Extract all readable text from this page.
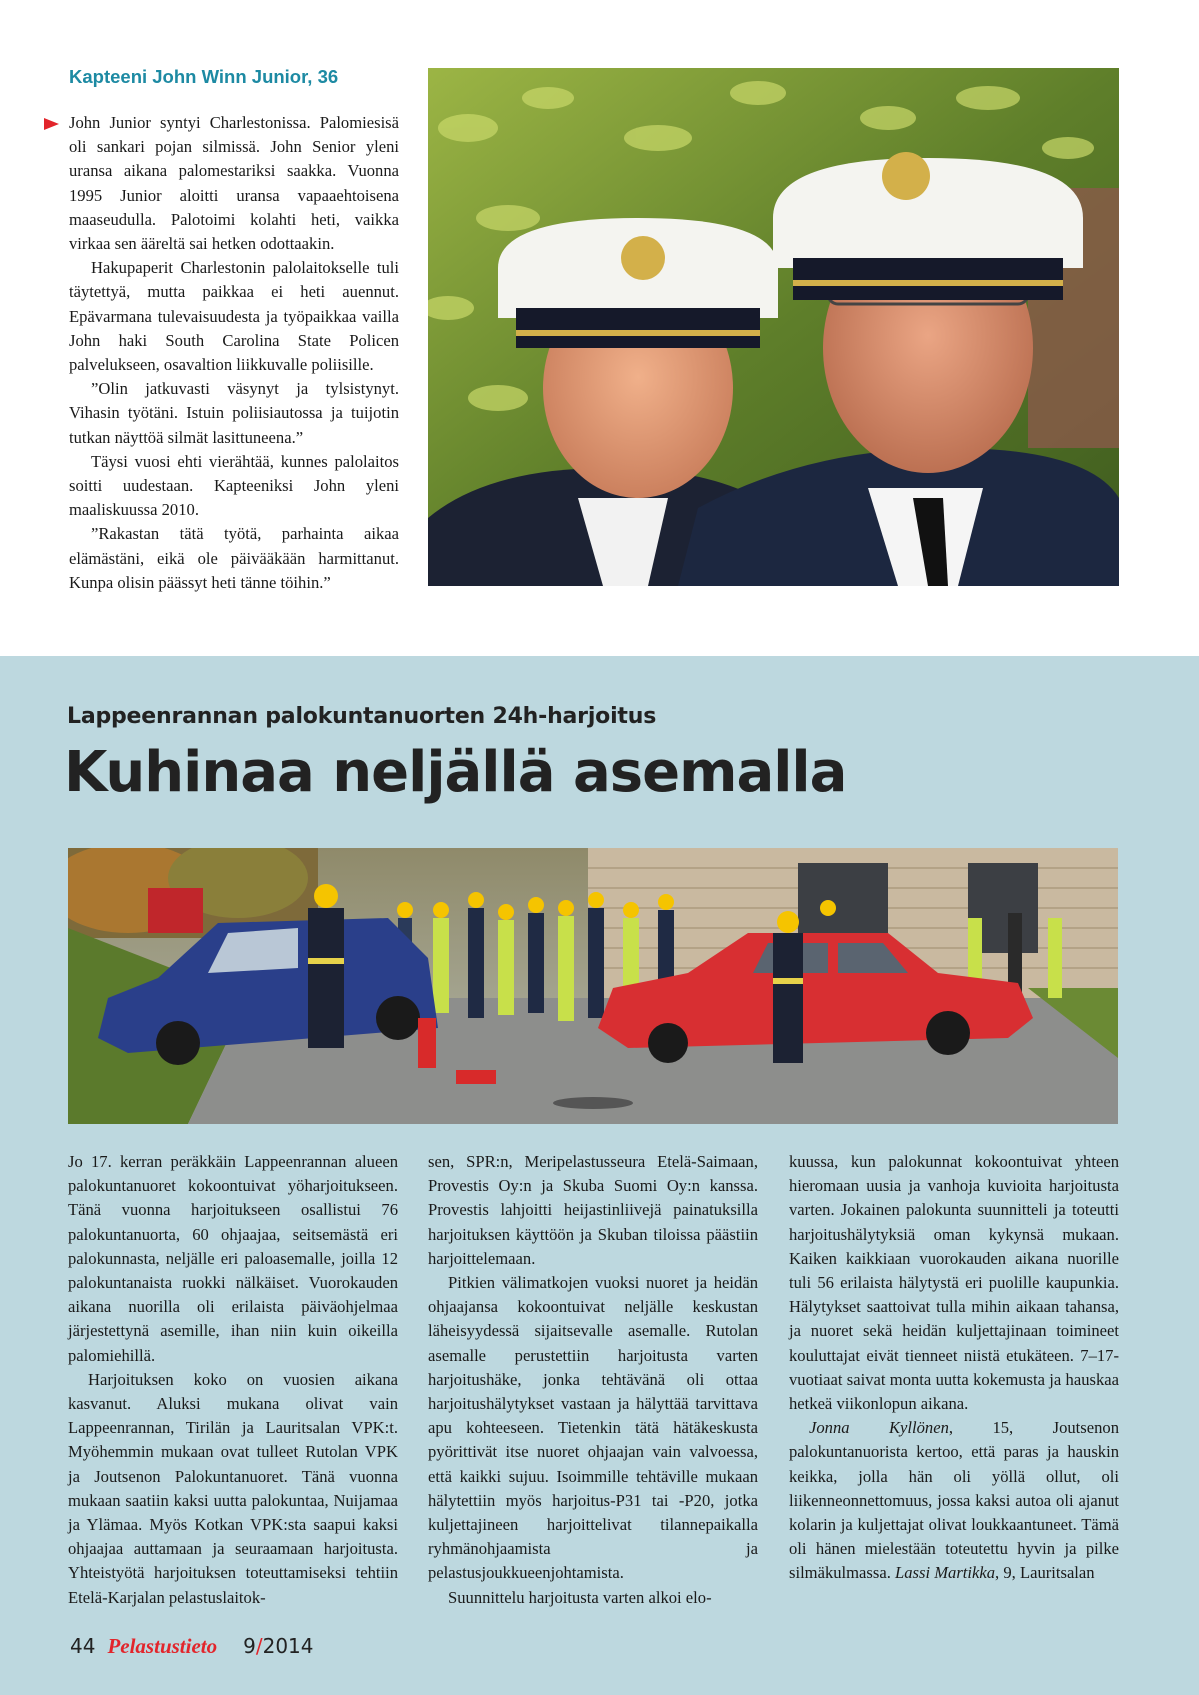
Kapteeni John Winn Junior, 36

John Junior syntyi Charlestonissa. Palomiesisä oli sankari pojan silmissä. John Senior yleni uransa aikana palomestariksi saakka. Vuonna 1995 Junior aloitti uransa vapaaehtoisena maaseudulla. Palotoimi kolahti heti, vaikka virkaa sen ääreltä sai hetken odottaakin.

Hakupaperit Charlestonin palolaitokselle tuli täytettyä, mutta paikkaa ei heti auennut. Epävarmana tulevaisuudesta ja työpaikkaa vailla John haki South Carolina State Policen palvelukseen, osavaltion liikkuvalle poliisille.

”Olin jatkuvasti väsynyt ja tylsistynyt. Vihasin työtäni. Istuin poliisiautossa ja tuijotin tutkan näyttöä silmät lasittuneena.”

Täysi vuosi ehti vierähtää, kunnes palolaitos soitti uudestaan. Kapteeniksi John yleni maaliskuussa 2010.

”Rakastan tätä työtä, parhainta aikaa elämästäni, eikä ole päivääkään harmittanut. Kunpa olisin päässyt heti tänne töihin.”

Lappeenrannan palokuntanuorten 24h-harjoitus
Kuhinaa neljällä asemalla

Jo 17. kerran peräkkäin Lappeenrannan alueen palokuntanuoret kokoontuivat yöharjoitukseen. Tänä vuonna harjoitukseen osallistui 76 palokuntanuorta, 60 ohjaajaa, seitsemästä eri palokunnasta, neljälle eri paloasemalle, joilla 12 palokuntanaista ruokki nälkäiset. Vuorokauden aikana nuorilla oli erilaista päiväohjelmaa järjestettynä asemille, ihan niin kuin oikeilla palomiehillä.

Harjoituksen koko on vuosien aikana kasvanut. Aluksi mukana olivat vain Lappeenrannan, Tirilän ja Lauritsalan VPK:t. Myöhemmin mukaan ovat tulleet Rutolan VPK ja Joutsenon Palokuntanuoret. Tänä vuonna mukaan saatiin kaksi uutta palokuntaa, Nuijamaa ja Ylämaa. Myös Kotkan VPK:sta saapui kaksi ohjaajaa auttamaan ja seuraamaan harjoitusta. Yhteistyötä harjoituksen toteuttamiseksi tehtiin Etelä-Karjalan pelastuslaitok-

sen, SPR:n, Meripelastusseura Etelä-Saimaan, Provestis Oy:n ja Skuba Suomi Oy:n kanssa. Provestis lahjoitti heijastinliivejä painatuksilla harjoituksen käyttöön ja Skuban tiloissa päästiin harjoittelemaan.

Pitkien välimatkojen vuoksi nuoret ja heidän ohjaajansa kokoontuivat neljälle keskustan läheisyydessä sijaitsevalle asemalle. Rutolan asemalle perustettiin harjoitusta varten harjoitushäke, jonka tehtävänä oli ottaa harjoitushälytykset vastaan ja hälyttää tarvittava apu kohteeseen. Tietenkin tätä hätäkeskusta pyörittivät itse nuoret ohjaajan vain valvoessa, että kaikki sujuu. Isoimmille tehtäville mukaan hälytettiin myös harjoitus-P31 tai -P20, jotka kuljettajineen harjoittelivat tilannepaikalla ryhmänohjaamista ja pelastusjoukkueenjohtamista.

Suunnittelu harjoitusta varten alkoi elo-

kuussa, kun palokunnat kokoontuivat yhteen hieromaan uusia ja vanhoja kuvioita harjoitusta varten. Jokainen palokunta suunnitteli ja toteutti harjoitushälytyksiä oman kykynsä mukaan. Kaiken kaikkiaan vuorokauden aikana nuorille tuli 56 erilaista hälytystä eri puolille kaupunkia. Hälytykset saattoivat tulla mihin aikaan tahansa, ja nuoret sekä heidän kuljettajinaan toimineet kouluttajat eivät tienneet niistä etukäteen. 7–17-vuotiaat saivat monta uutta kokemusta ja hauskaa hetkeä viikonlopun aikana.

Jonna Kyllönen, 15, Joutsenon palokuntanuorista kertoo, että paras ja hauskin keikka, jolla hän oli yöllä ollut, oli liikenneonnettomuus, jossa kaksi autoa oli ajanut kolarin ja kuljettajat olivat loukkaantuneet. Tämä oli hänen mielestään toteutettu hyvin ja pilke silmäkulmassa. Lassi Martikka, 9, Lauritsalan

44 Pelastustieto 9/2014
